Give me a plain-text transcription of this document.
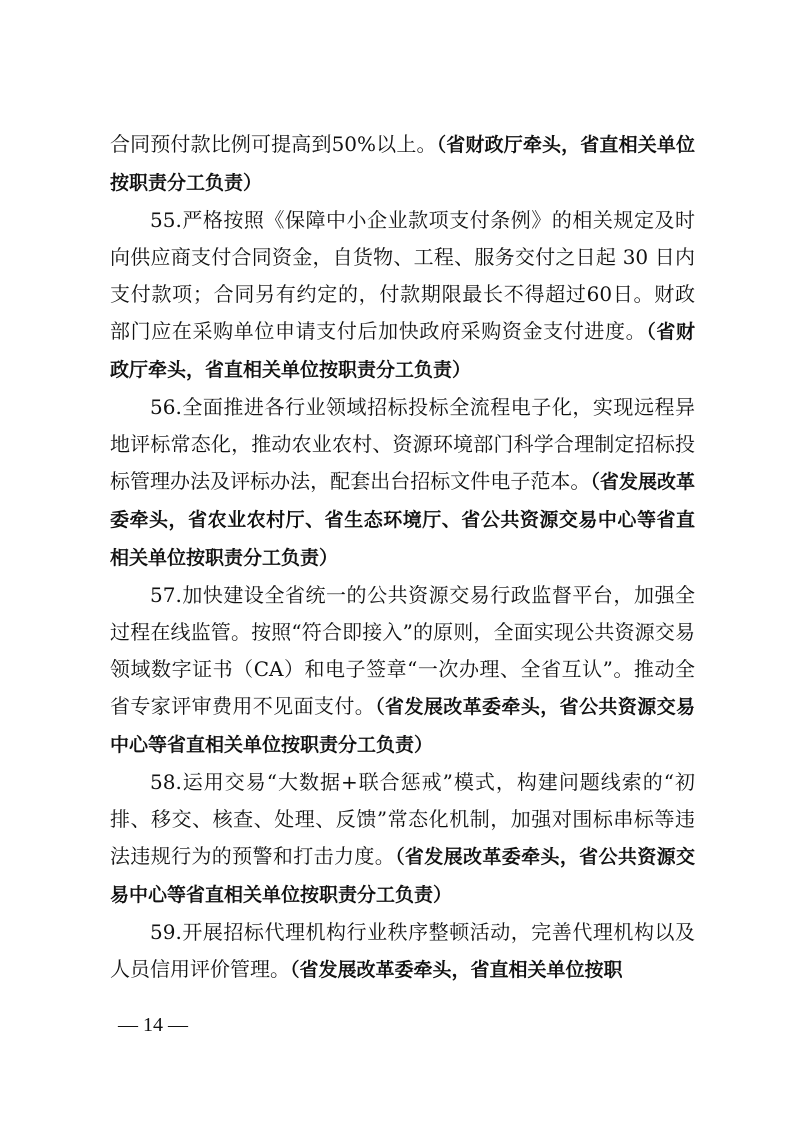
合同预付款比例可提高到50%以上。（省财政厅牵头，省直相关单位按职责分工负责）

55.严格按照《保障中小企业款项支付条例》的相关规定及时向供应商支付合同资金，自货物、工程、服务交付之日起 30 日内支付款项；合同另有约定的，付款期限最长不得超过60日。财政部门应在采购单位申请支付后加快政府采购资金支付进度。（省财政厅牵头，省直相关单位按职责分工负责）

56.全面推进各行业领域招标投标全流程电子化，实现远程异地评标常态化，推动农业农村、资源环境部门科学合理制定招标投标管理办法及评标办法，配套出台招标文件电子范本。（省发展改革委牵头，省农业农村厅、省生态环境厅、省公共资源交易中心等省直相关单位按职责分工负责）

57.加快建设全省统一的公共资源交易行政监督平台，加强全过程在线监管。按照“符合即接入”的原则，全面实现公共资源交易领域数字证书（CA）和电子签章“一次办理、全省互认”。推动全省专家评审费用不见面支付。（省发展改革委牵头，省公共资源交易中心等省直相关单位按职责分工负责）

58.运用交易“大数据+联合惩戒”模式，构建问题线索的“初排、移交、核查、处理、反馈”常态化机制，加强对围标串标等违法违规行为的预警和打击力度。（省发展改革委牵头，省公共资源交易中心等省直相关单位按职责分工负责）

59.开展招标代理机构行业秩序整顿活动，完善代理机构以及人员信用评价管理。（省发展改革委牵头，省直相关单位按职

— 14 —
